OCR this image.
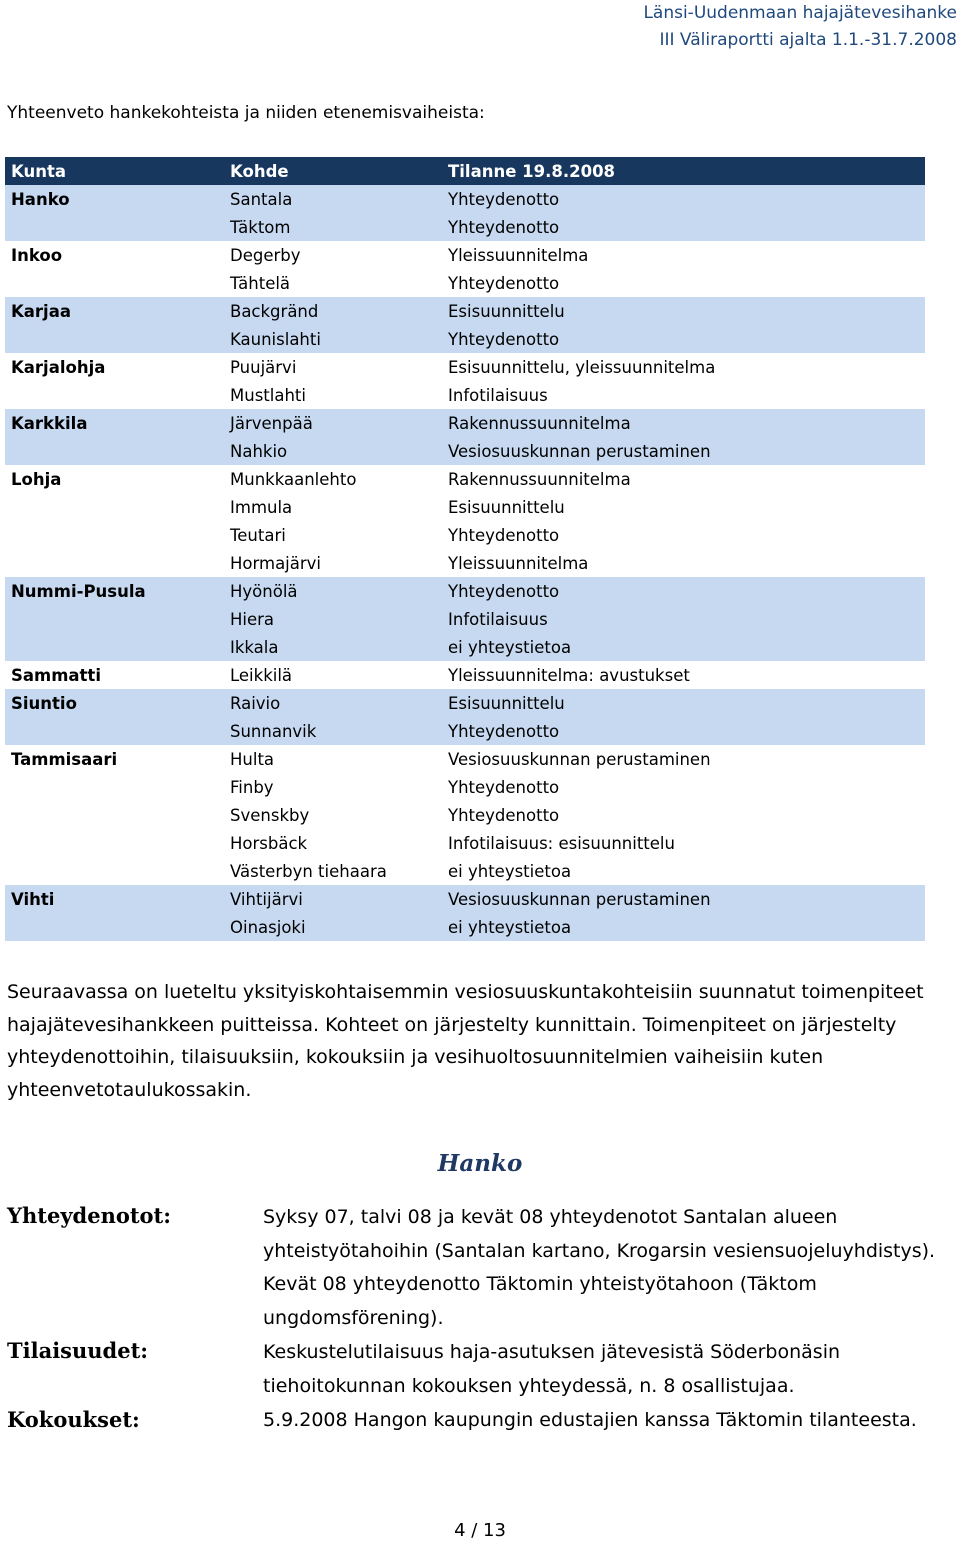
Länsi-Uudenmaan hajajätevesihanke
III Väliraportti ajalta 1.1.-31.7.2008

Yhteenveto hankekohteista ja niiden etenemisvaiheista:

Kunta	Kohde	Tilanne 19.8.2008
Hanko	Santala	Yhteydenotto
	Täktom	Yhteydenotto
Inkoo	Degerby	Yleissuunnitelma
	Tähtelä	Yhteydenotto
Karjaa	Backgränd	Esisuunnittelu
	Kaunislahti	Yhteydenotto
Karjalohja	Puujärvi	Esisuunnittelu, yleissuunnitelma
	Mustlahti	Infotilaisuus
Karkkila	Järvenpää	Rakennussuunnitelma
	Nahkio	Vesiosuuskunnan perustaminen
Lohja	Munkkaanlehto	Rakennussuunnitelma
	Immula	Esisuunnittelu
	Teutari	Yhteydenotto
	Hormajärvi	Yleissuunnitelma
Nummi-Pusula	Hyönölä	Yhteydenotto
	Hiera	Infotilaisuus
	Ikkala	ei yhteystietoa
Sammatti	Leikkilä	Yleissuunnitelma: avustukset
Siuntio	Raivio	Esisuunnittelu
	Sunnanvik	Yhteydenotto
Tammisaari	Hulta	Vesiosuuskunnan perustaminen
	Finby	Yhteydenotto
	Svenskby	Yhteydenotto
	Horsbäck	Infotilaisuus: esisuunnittelu
	Västerbyn tiehaara	ei yhteystietoa
Vihti	Vihtijärvi	Vesiosuuskunnan perustaminen
	Oinasjoki	ei yhteystietoa

Seuraavassa on lueteltu yksityiskohtaisemmin vesiosuuskuntakohteisiin suunnatut toimenpiteet hajajätevesihankkeen puitteissa. Kohteet on järjestelty kunnittain. Toimenpiteet on järjestelty yhteydenottoihin, tilaisuuksiin, kokouksiin ja vesihuoltosuunnitelmien vaiheisiin kuten yhteenvetotaulukossakin.

Hanko
Yhteydenotot:	Syksy 07, talvi 08 ja kevät 08 yhteydenotot Santalan alueen yhteistyötahoihin (Santalan kartano, Krogarsin vesiensuojeluyhdistys). Kevät 08 yhteydenotto Täktomin yhteistyötahoon (Täktom ungdomsförening).

Tilaisuudet:	Keskustelutilaisuus haja-asutuksen jätevesistä Söderbonäsin tiehoitokunnan kokouksen yhteydessä, n. 8 osallistujaa.

Kokoukset:	5.9.2008 Hangon kaupungin edustajien kanssa Täktomin tilanteesta.

4 / 13
